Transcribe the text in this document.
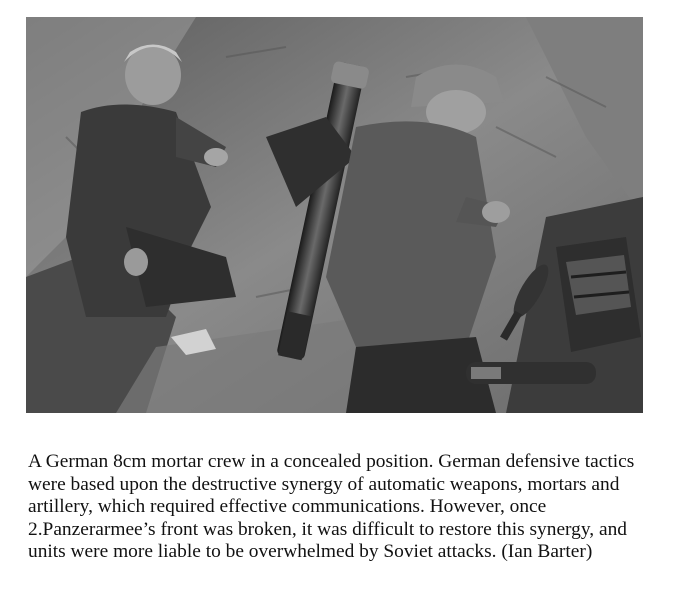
A German 8cm mortar crew in a concealed position. German defensive tactics were based upon the destructive synergy of automatic weapons, mortars and artillery, which required effective communications. However, once 2.Panzerarmee’s front was broken, it was difficult to restore this synergy, and units were more liable to be overwhelmed by Soviet attacks. (Ian Barter)
